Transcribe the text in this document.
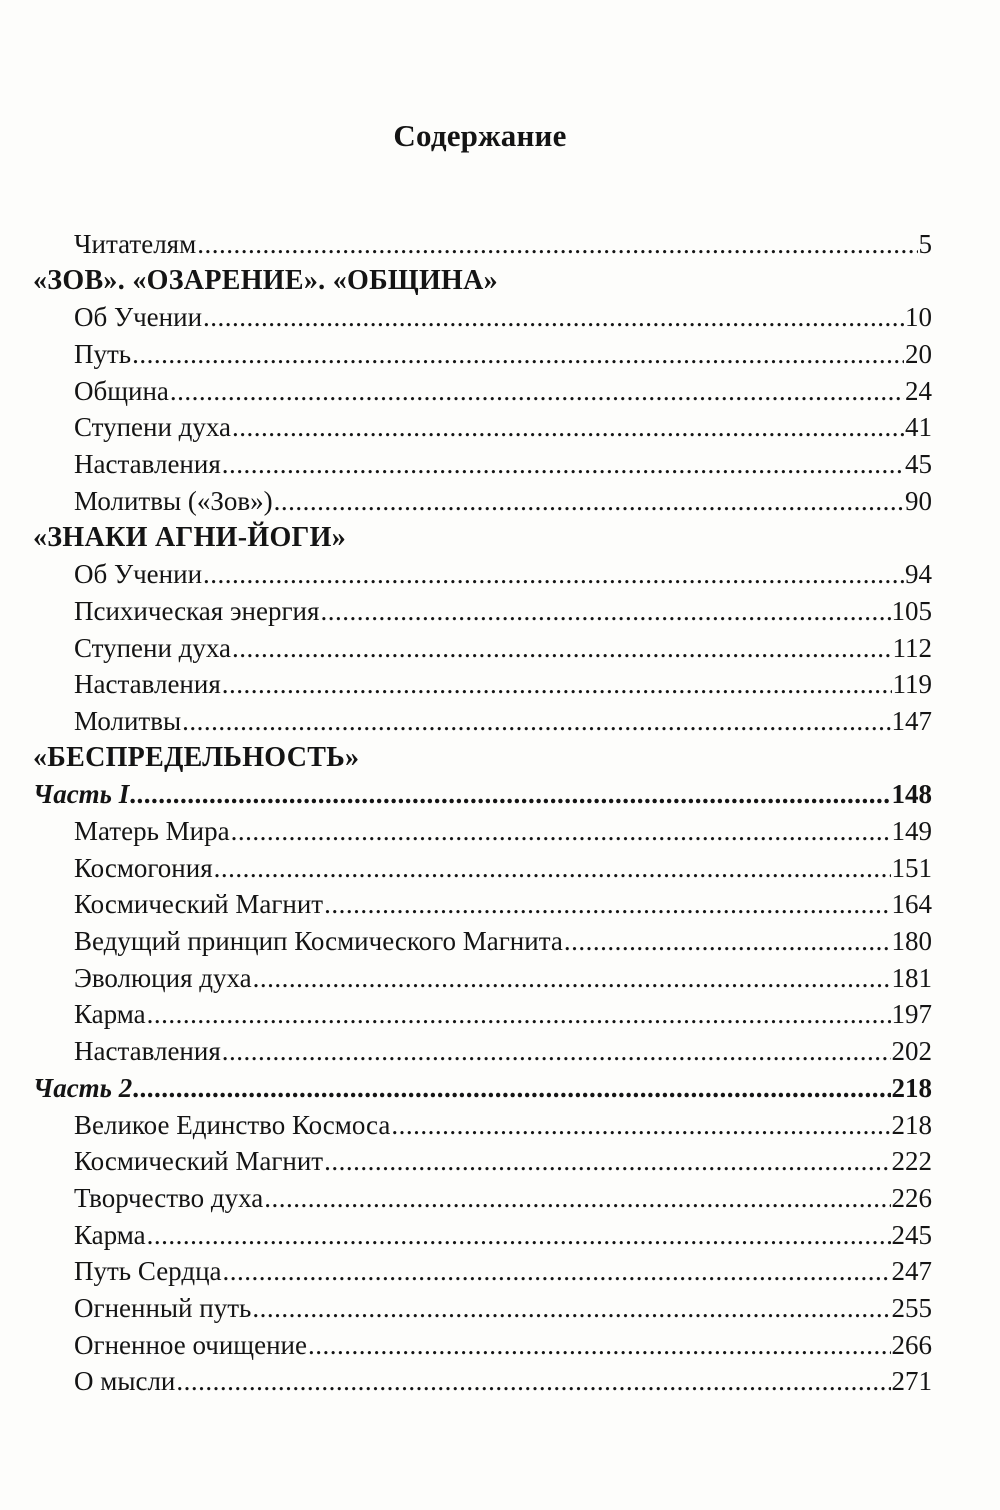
Содержание
Читателям .....	5
«ЗОВ». «ОЗАРЕНИЕ». «ОБЩИНА»
Об Учении .....	10
Путь .....	20
Община .....	24
Ступени духа .....	41
Наставления .....	45
Молитвы («Зов») .....	90
«ЗНАКИ АГНИ-ЙОГИ»
Об Учении .....	94
Психическая энергия .....	105
Ступени духа .....	112
Наставления .....	119
Молитвы .....	147
«БЕСПРЕДЕЛЬНОСТЬ»
Часть I .....	148
Матерь Мира .....	149
Космогония .....	151
Космический Магнит .....	164
Ведущий принцип Космического Магнита .....	180
Эволюция духа .....	181
Карма .....	197
Наставления .....	202
Часть 2 .....	218
Великое Единство Космоса .....	218
Космический Магнит .....	222
Творчество духа .....	226
Карма .....	245
Путь Сердца .....	247
Огненный путь .....	255
Огненное очищение .....	266
О мысли .....	271
